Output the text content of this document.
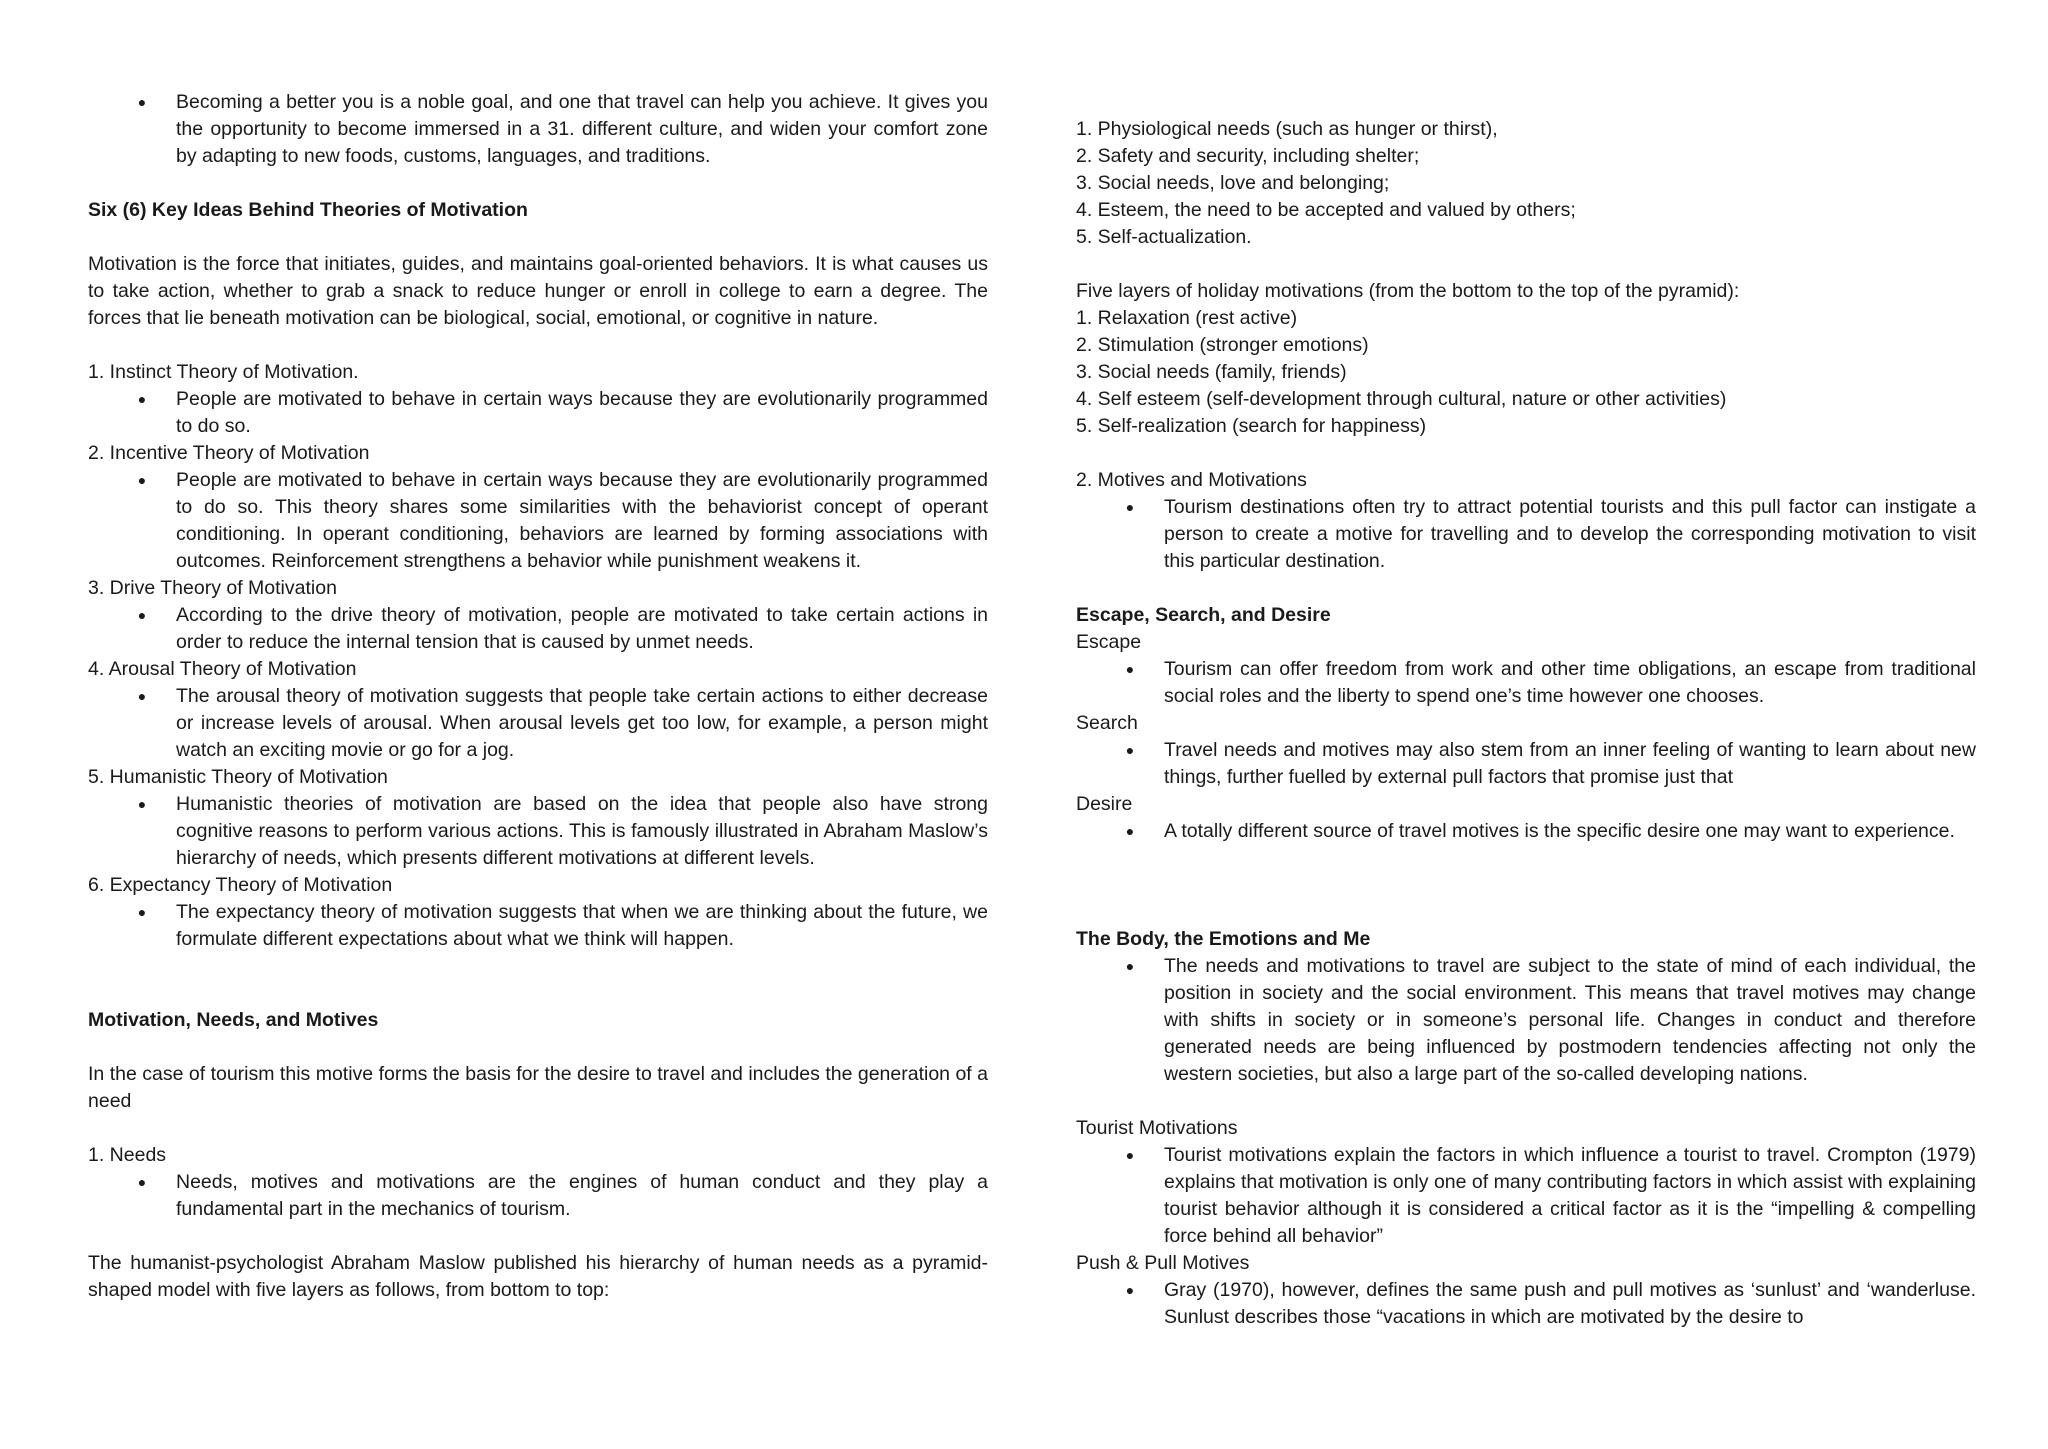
● Becoming a better you is a noble goal, and one that travel can help you achieve. It gives you the opportunity to become immersed in a 31. different culture, and widen your comfort zone by adapting to new foods, customs, languages, and traditions.

Six (6) Key Ideas Behind Theories of Motivation

Motivation is the force that initiates, guides, and maintains goal-oriented behaviors. It is what causes us to take action, whether to grab a snack to reduce hunger or enroll in college to earn a degree. The forces that lie beneath motivation can be biological, social, emotional, or cognitive in nature.

1. Instinct Theory of Motivation.

● People are motivated to behave in certain ways because they are evolutionarily programmed to do so.

2. Incentive Theory of Motivation

● People are motivated to behave in certain ways because they are evolutionarily programmed to do so. This theory shares some similarities with the behaviorist concept of operant conditioning. In operant conditioning, behaviors are learned by forming associations with outcomes. Reinforcement strengthens a behavior while punishment weakens it.

3. Drive Theory of Motivation

● According to the drive theory of motivation, people are motivated to take certain actions in order to reduce the internal tension that is caused by unmet needs.

4. Arousal Theory of Motivation

● The arousal theory of motivation suggests that people take certain actions to either decrease or increase levels of arousal. When arousal levels get too low, for example, a person might watch an exciting movie or go for a jog.

5. Humanistic Theory of Motivation

● Humanistic theories of motivation are based on the idea that people also have strong cognitive reasons to perform various actions. This is famously illustrated in Abraham Maslow’s hierarchy of needs, which presents different motivations at different levels.

6. Expectancy Theory of Motivation

● The expectancy theory of motivation suggests that when we are thinking about the future, we formulate different expectations about what we think will happen.

Motivation, Needs, and Motives

In the case of tourism this motive forms the basis for the desire to travel and includes the generation of a need

1. Needs

● Needs, motives and motivations are the engines of human conduct and they play a fundamental part in the mechanics of tourism.

The humanist-psychologist Abraham Maslow published his hierarchy of human needs as a pyramid-shaped model with five layers as follows, from bottom to top:

1. Physiological needs (such as hunger or thirst),
2. Safety and security, including shelter;
3. Social needs, love and belonging;
4. Esteem, the need to be accepted and valued by others;
5. Self-actualization.

Five layers of holiday motivations (from the bottom to the top of the pyramid):

1. Relaxation (rest active)
2. Stimulation (stronger emotions)
3. Social needs (family, friends)
4. Self esteem (self-development through cultural, nature or other activities)
5. Self-realization (search for happiness)

2. Motives and Motivations

● Tourism destinations often try to attract potential tourists and this pull factor can instigate a person to create a motive for travelling and to develop the corresponding motivation to visit this particular destination.

Escape, Search, and Desire

Escape

● Tourism can offer freedom from work and other time obligations, an escape from traditional social roles and the liberty to spend one’s time however one chooses.

Search

● Travel needs and motives may also stem from an inner feeling of wanting to learn about new things, further fuelled by external pull factors that promise just that

Desire

● A totally different source of travel motives is the specific desire one may want to experience.

The Body, the Emotions and Me

● The needs and motivations to travel are subject to the state of mind of each individual, the position in society and the social environment. This means that travel motives may change with shifts in society or in someone’s personal life. Changes in conduct and therefore generated needs are being influenced by postmodern tendencies affecting not only the western societies, but also a large part of the so-called developing nations.

Tourist Motivations

● Tourist motivations explain the factors in which influence a tourist to travel. Crompton (1979) explains that motivation is only one of many contributing factors in which assist with explaining tourist behavior although it is considered a critical factor as it is the “impelling & compelling force behind all behavior”

Push & Pull Motives

● Gray (1970), however, defines the same push and pull motives as ‘sunlust’ and ‘wanderluse. Sunlust describes those “vacations in which are motivated by the desire to
